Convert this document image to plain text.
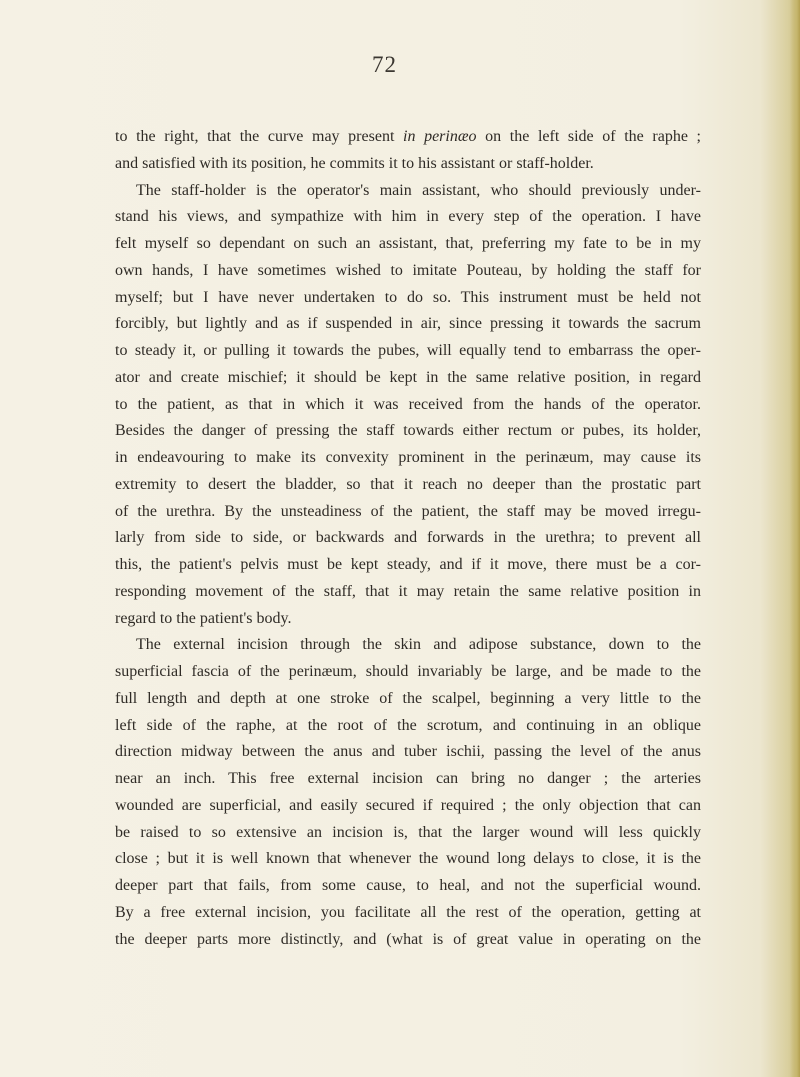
72
to the right, that the curve may present in perinæo on the left side of the raphe ;
and satisfied with its position, he commits it to his assistant or staff-holder.
The staff-holder is the operator's main assistant, who should previously under-
stand his views, and sympathize with him in every step of the operation. I have
felt myself so dependant on such an assistant, that, preferring my fate to be in my
own hands, I have sometimes wished to imitate Pouteau, by holding the staff for
myself; but I have never undertaken to do so. This instrument must be held not
forcibly, but lightly and as if suspended in air, since pressing it towards the sacrum
to steady it, or pulling it towards the pubes, will equally tend to embarrass the oper-
ator and create mischief; it should be kept in the same relative position, in regard
to the patient, as that in which it was received from the hands of the operator.
Besides the danger of pressing the staff towards either rectum or pubes, its holder,
in endeavouring to make its convexity prominent in the perinæum, may cause its
extremity to desert the bladder, so that it reach no deeper than the prostatic part
of the urethra. By the unsteadiness of the patient, the staff may be moved irregu-
larly from side to side, or backwards and forwards in the urethra; to prevent all
this, the patient's pelvis must be kept steady, and if it move, there must be a cor-
responding movement of the staff, that it may retain the same relative position in
regard to the patient's body.
The external incision through the skin and adipose substance, down to the
superficial fascia of the perinæum, should invariably be large, and be made to the
full length and depth at one stroke of the scalpel, beginning a very little to the
left side of the raphe, at the root of the scrotum, and continuing in an oblique
direction midway between the anus and tuber ischii, passing the level of the anus
near an inch. This free external incision can bring no danger ; the arteries
wounded are superficial, and easily secured if required ; the only objection that can
be raised to so extensive an incision is, that the larger wound will less quickly
close ; but it is well known that whenever the wound long delays to close, it is the
deeper part that fails, from some cause, to heal, and not the superficial wound.
By a free external incision, you facilitate all the rest of the operation, getting at
the deeper parts more distinctly, and (what is of great value in operating on the
